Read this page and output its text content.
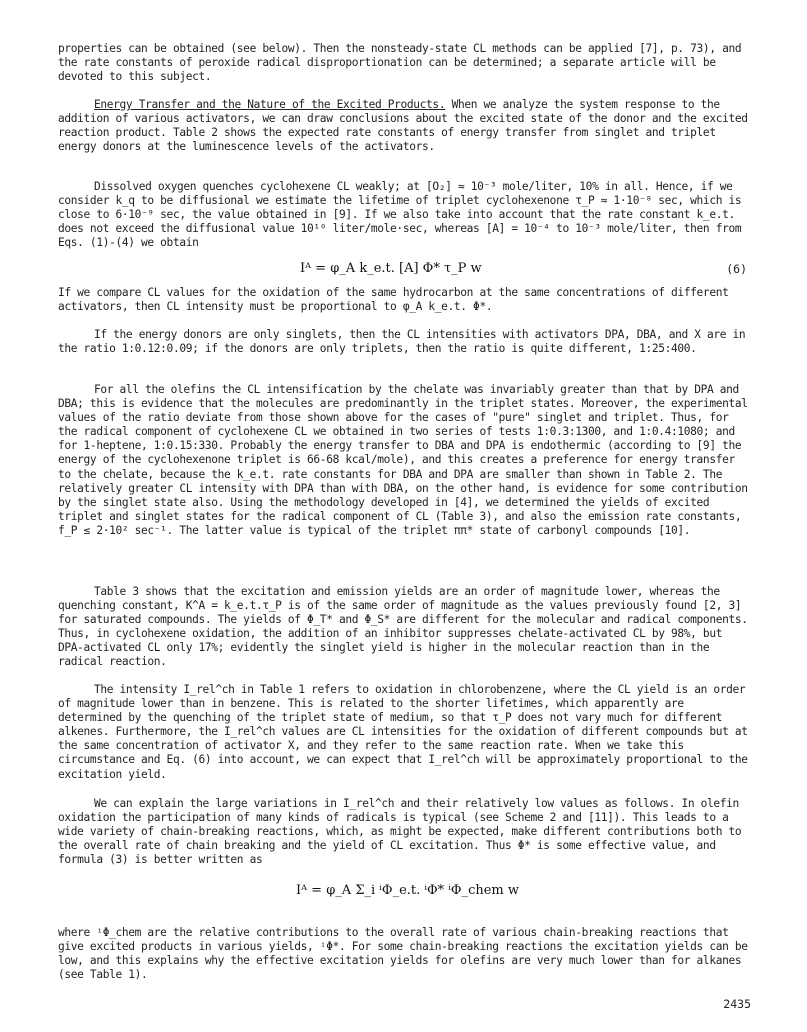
properties can be obtained (see below). Then the nonsteady-state CL methods can be applied [7], p. 73), and the rate constants of peroxide radical disproportionation can be determined; a separate article will be devoted to this subject.
Energy Transfer and the Nature of the Excited Products. When we analyze the system response to the addition of various activators, we can draw conclusions about the excited state of the donor and the excited reaction product. Table 2 shows the expected rate constants of energy transfer from singlet and triplet energy donors at the luminescence levels of the activators.
Dissolved oxygen quenches cyclohexene CL weakly; at [O₂] ≈ 10⁻³ mole/liter, 10% in all. Hence, if we consider k_q to be diffusional we estimate the lifetime of triplet cyclohexenone τ_P ≈ 1·10⁻⁸ sec, which is close to 6·10⁻⁹ sec, the value obtained in [9]. If we also take into account that the rate constant k_e.t. does not exceed the diffusional value 10¹⁰ liter/mole·sec, whereas [A] = 10⁻⁴ to 10⁻³ mole/liter, then from Eqs. (1)-(4) we obtain
Iᴬ = φ_A k_e.t. [A] Φ* τ_P w	(6)
If we compare CL values for the oxidation of the same hydrocarbon at the same concentrations of different activators, then CL intensity must be proportional to φ_A k_e.t. Φ*.
If the energy donors are only singlets, then the CL intensities with activators DPA, DBA, and X are in the ratio 1:0.12:0.09; if the donors are only triplets, then the ratio is quite different, 1:25:400.
For all the olefins the CL intensification by the chelate was invariably greater than that by DPA and DBA; this is evidence that the molecules are predominantly in the triplet states. Moreover, the experimental values of the ratio deviate from those shown above for the cases of "pure" singlet and triplet. Thus, for the radical component of cyclohexene CL we obtained in two series of tests 1:0.3:1300, and 1:0.4:1080; and for 1-heptene, 1:0.15:330. Probably the energy transfer to DBA and DPA is endothermic (according to [9] the energy of the cyclohexenone triplet is 66-68 kcal/mole), and this creates a preference for energy transfer to the chelate, because the k_e.t. rate constants for DBA and DPA are smaller than shown in Table 2. The relatively greater CL intensity with DPA than with DBA, on the other hand, is evidence for some contribution by the singlet state also. Using the methodology developed in [4], we determined the yields of excited triplet and singlet states for the radical component of CL (Table 3), and also the emission rate constants, f_P ≤ 2·10² sec⁻¹. The latter value is typical of the triplet ππ* state of carbonyl compounds [10].
Table 3 shows that the excitation and emission yields are an order of magnitude lower, whereas the quenching constant, K^A = k_e.t.τ_P is of the same order of magnitude as the values previously found [2, 3] for saturated compounds. The yields of Φ_T* and Φ_S* are different for the molecular and radical components. Thus, in cyclohexene oxidation, the addition of an inhibitor suppresses chelate-activated CL by 98%, but DPA-activated CL only 17%; evidently the singlet yield is higher in the molecular reaction than in the radical reaction.
The intensity I_rel^ch in Table 1 refers to oxidation in chlorobenzene, where the CL yield is an order of magnitude lower than in benzene. This is related to the shorter lifetimes, which apparently are determined by the quenching of the triplet state of medium, so that τ_P does not vary much for different alkenes. Furthermore, the I_rel^ch values are CL intensities for the oxidation of different compounds but at the same concentration of activator X, and they refer to the same reaction rate. When we take this circumstance and Eq. (6) into account, we can expect that I_rel^ch will be approximately proportional to the excitation yield.
We can explain the large variations in I_rel^ch and their relatively low values as follows. In olefin oxidation the participation of many kinds of radicals is typical (see Scheme 2 and [11]). This leads to a wide variety of chain-breaking reactions, which, as might be expected, make different contributions both to the overall rate of chain breaking and the yield of CL excitation. Thus Φ* is some effective value, and formula (3) is better written as
Iᴬ = φ_A Σ_i ⁱΦ_e.t. ⁱΦ* ⁱΦ_chem w
where ⁱΦ_chem are the relative contributions to the overall rate of various chain-breaking reactions that give excited products in various yields, ⁱΦ*. For some chain-breaking reactions the excitation yields can be low, and this explains why the effective excitation yields for olefins are very much lower than for alkanes (see Table 1).
2435
